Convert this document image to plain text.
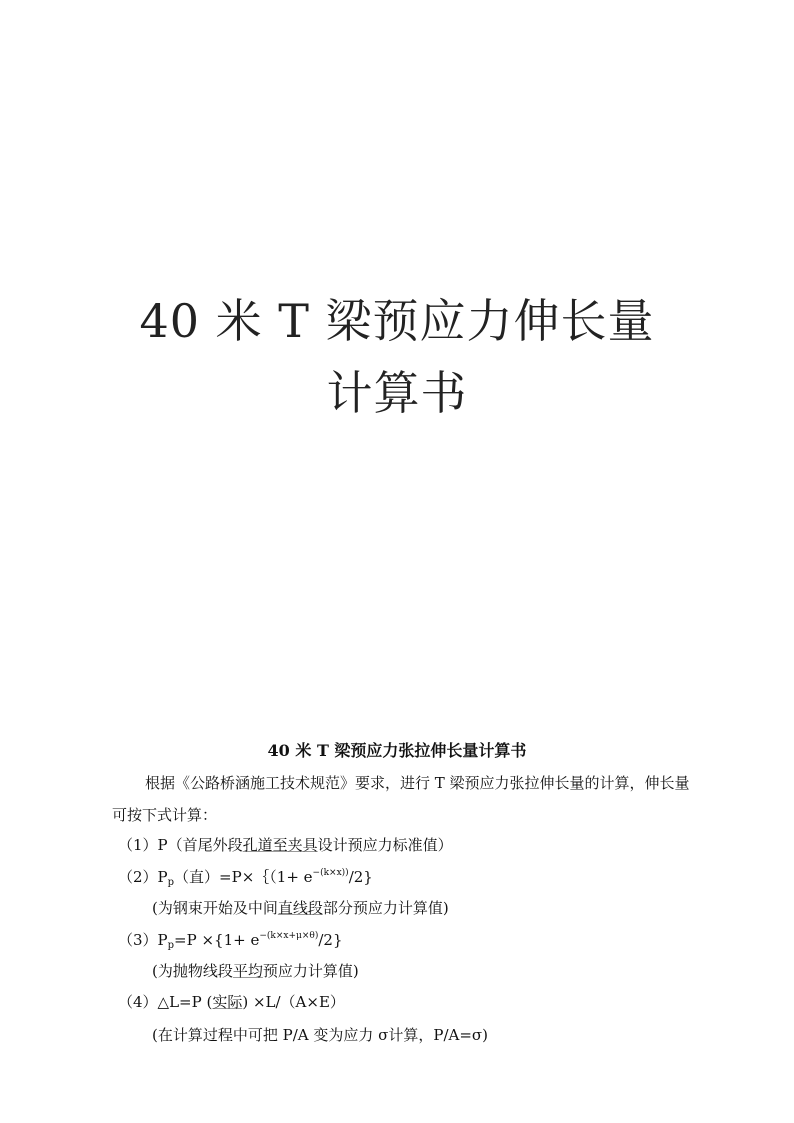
40 米 T 梁预应力伸长量
计算书
40 米 T 梁预应力张拉伸长量计算书
根据《公路桥涵施工技术规范》要求，进行 T 梁预应力张拉伸长量的计算，伸长量
可按下式计算：
（1）P（首尾外段孔道至夹具设计预应力标准值）
$(2)P_p$（直）=P×｛（1+ $e^{-(k\times x))}/2$}
(为钢束开始及中间直线段部分预应力计算值)
$(3)P_p=P \times\{1+ e^{-(k\times x+\mu\times\theta)}/2\}$
(为抛物线段平均预应力计算值)
（4）△L=P (实际) ×L/（A×E）
(在计算过程中可把 P/A 变为应力 σ计算，P/A=σ)
